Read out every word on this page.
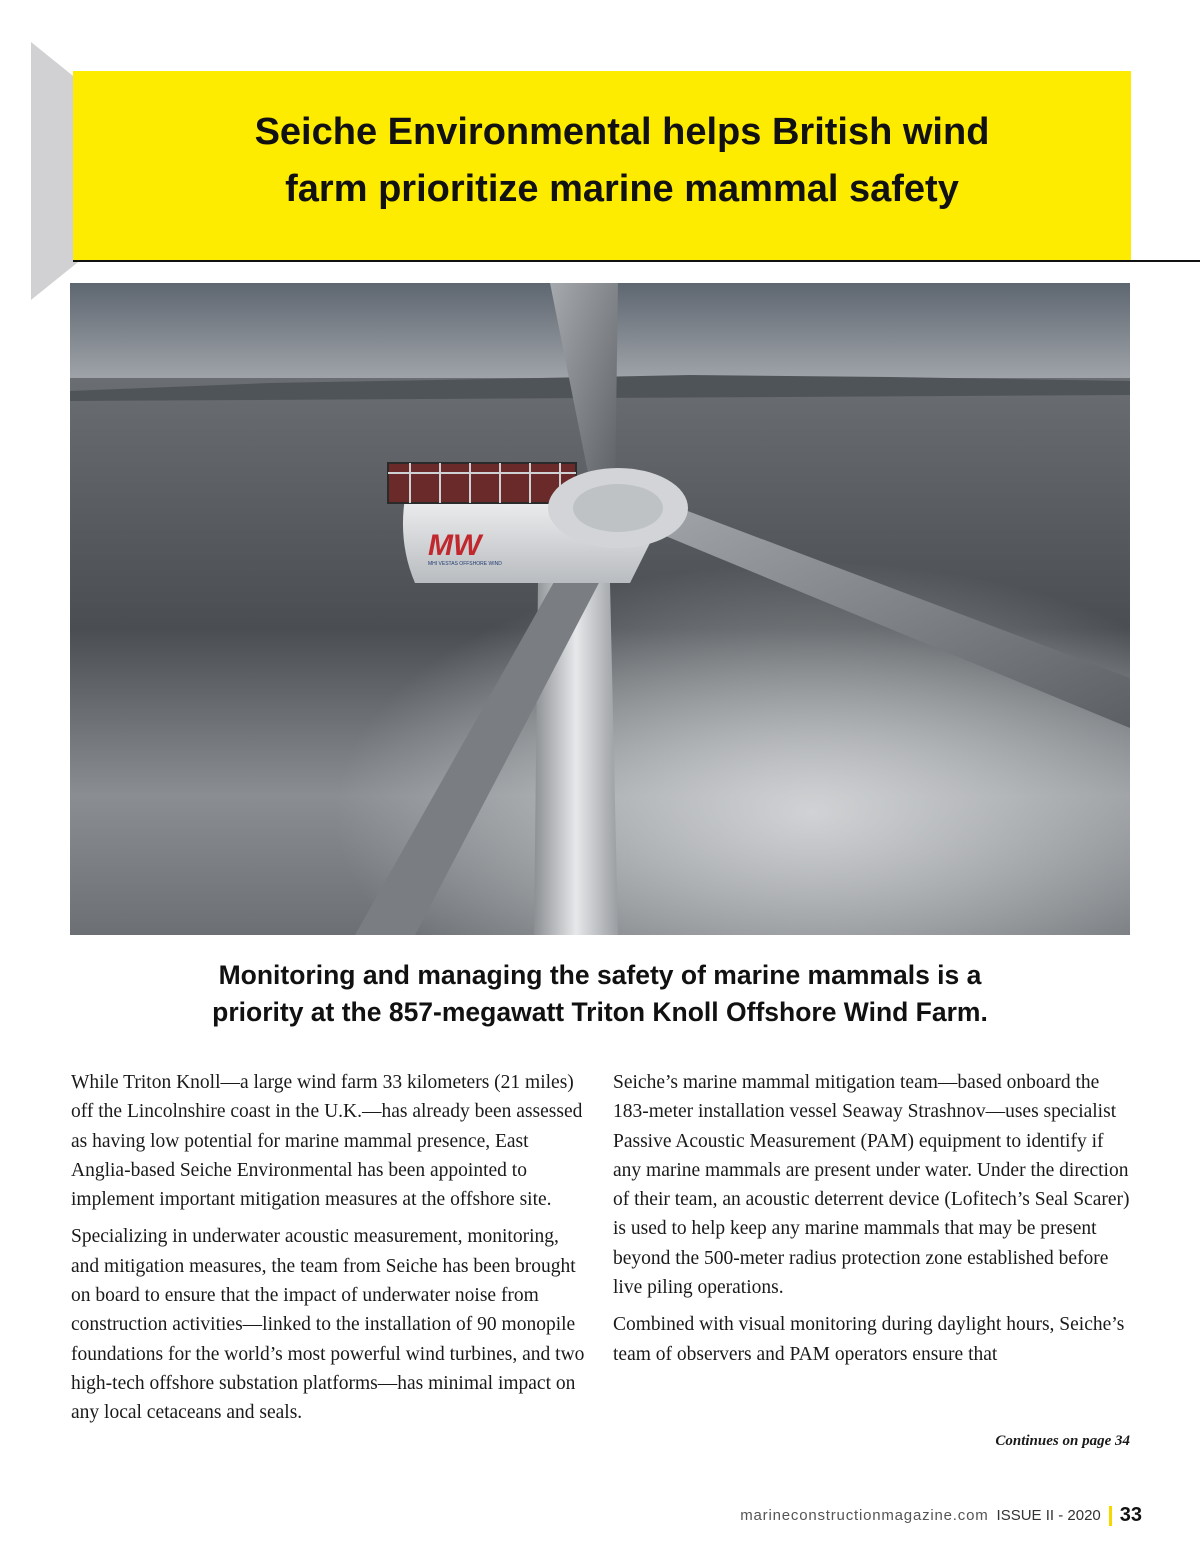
Seiche Environmental helps British wind
farm prioritize marine mammal safety
MW
MHI VESTAS OFFSHORE WIND
Monitoring and managing the safety of marine mammals is a
priority at the 857-megawatt Triton Knoll Offshore Wind Farm.

While Triton Knoll—a large wind farm 33 kilometers (21 miles) off the Lincolnshire coast in the U.K.—has already been assessed as having low potential for marine mammal presence, East Anglia-based Seiche Environmental has been appointed to implement important mitigation measures at the offshore site.

Specializing in underwater acoustic measurement, monitoring, and mitigation measures, the team from Seiche has been brought on board to ensure that the impact of underwater noise from construction activities—linked to the installation of 90 monopile foundations for the world’s most powerful wind turbines, and two high-tech offshore substation platforms—has minimal impact on any local cetaceans and seals.

Seiche’s marine mammal mitigation team—based onboard the 183-meter installation vessel Seaway Strashnov—uses specialist Passive Acoustic Measurement (PAM) equipment to identify if any marine mammals are present under water. Under the direction of their team, an acoustic deterrent device (Lofitech’s Seal Scarer) is used to help keep any marine mammals that may be present beyond the 500-meter radius protection zone established before live piling operations.

Combined with visual monitoring during daylight hours, Seiche’s team of observers and PAM operators ensure that

Continues on page 34
marineconstructionmagazine.com ISSUE II - 2020 33
